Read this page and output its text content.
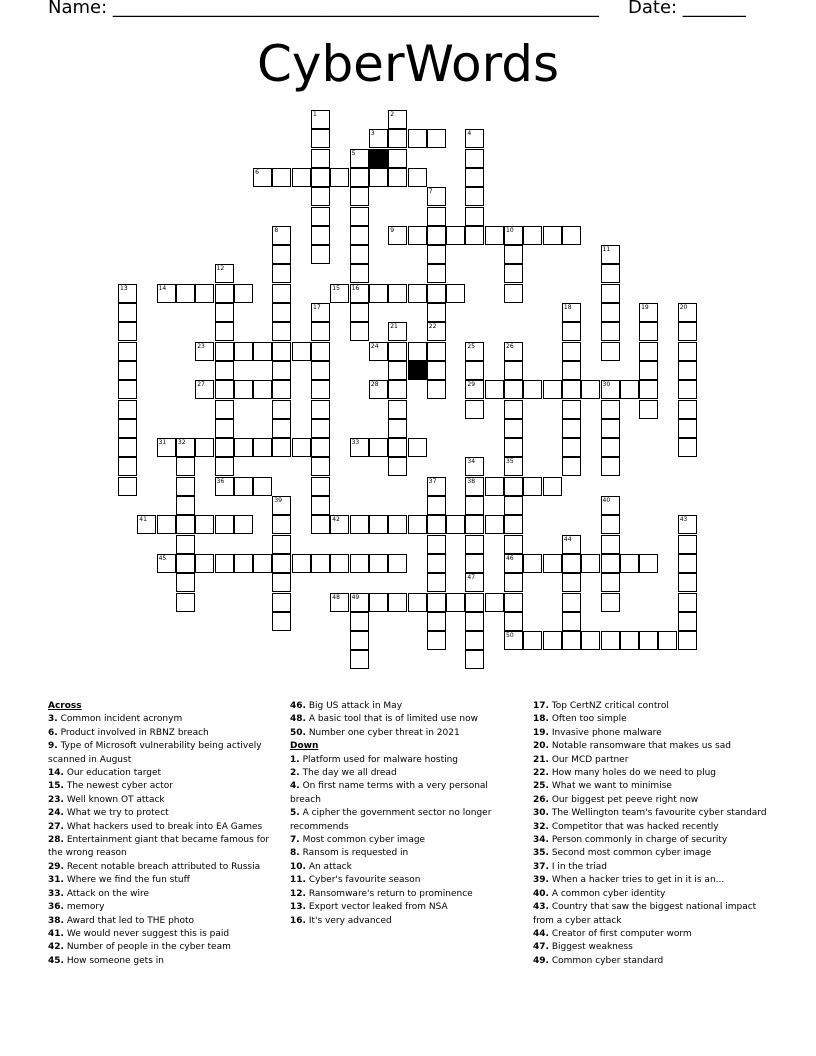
Name: ______________________________________________________ Date: _______
CyberWords
1	2
3	4
5
6
7
22
8	9	10
11
12
36
13	14	15 16
17	18	19	20
21
23	24	25
29
26
27	28	30
31 32	33
34
38
47
35
46
37
39	40
41	42	43
44
45
48 49
50
Across
3. Common incident acronym
6. Product involved in RBNZ breach
9. Type of Microsoft vulnerability being actively scanned in August
14. Our education target
15. The newest cyber actor
23. Well known OT attack
24. What we try to protect
27. What hackers used to break into EA Games
28. Entertainment giant that became famous for the wrong reason
29. Recent notable breach attributed to Russia
31. Where we find the fun stuff
33. Attack on the wire
36. memory
38. Award that led to THE photo
41. We would never suggest this is paid
42. Number of people in the cyber team
45. How someone gets in
46. Big US attack in May
48. A basic tool that is of limited use now
50. Number one cyber threat in 2021
Down
1. Platform used for malware hosting
2. The day we all dread
4. On first name terms with a very personal breach
5. A cipher the government sector no longer recommends
7. Most common cyber image
8. Ransom is requested in
10. An attack
11. Cyber's favourite season
12. Ransomware's return to prominence
13. Export vector leaked from NSA
16. It's very advanced
17. Top CertNZ critical control
18. Often too simple
19. Invasive phone malware
20. Notable ransomware that makes us sad
21. Our MCD partner
22. How many holes do we need to plug
25. What we want to minimise
26. Our biggest pet peeve right now
30. The Wellington team's favourite cyber standard
32. Competitor that was hacked recently
34. Person commonly in charge of security
35. Second most common cyber image
37. I in the triad
39. When a hacker tries to get in it is an...
40. A common cyber identity
43. Country that saw the biggest national impact from a cyber attack
44. Creator of first computer worm
47. Biggest weakness
49. Common cyber standard
